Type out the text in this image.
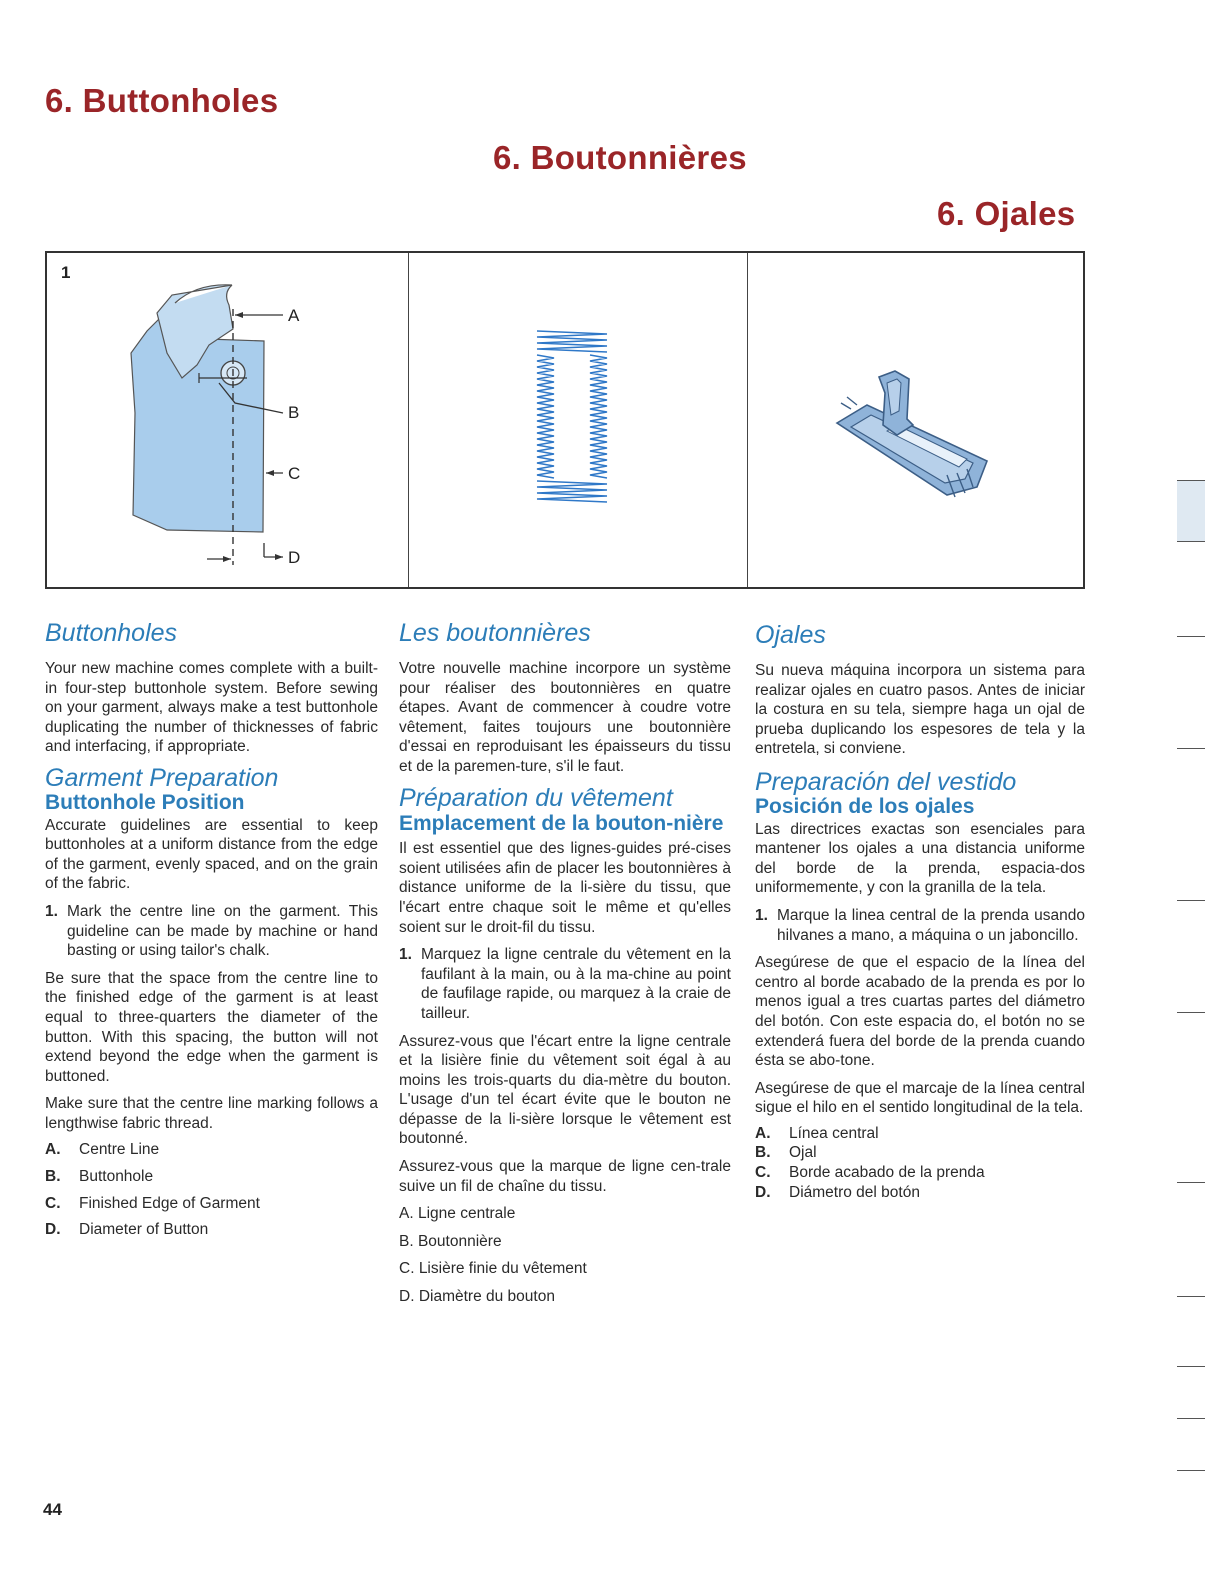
6. Buttonholes
6. Boutonnières
6. Ojales
1
A
B
C
D
Buttonholes

Your new machine comes complete with a built-in four-step buttonhole system. Before sewing on your garment, always make a test buttonhole duplicating the number of thicknesses of fabric and interfacing, if appropriate.

Garment Preparation
Buttonhole Position

Accurate guidelines are essential to keep buttonholes at a uniform distance from the edge of the garment, evenly spaced, and on the grain of the fabric.

1. Mark the centre line on the garment. This guideline can be made by machine or hand basting or using tailor's chalk.

Be sure that the space from the centre line to the finished edge of the garment is at least equal to three-quarters the diameter of the button. With this spacing, the button will not extend beyond the edge when the garment is buttoned.

Make sure that the centre line marking follows a lengthwise fabric thread.

A. Centre Line
B. Buttonhole
C. Finished Edge of Garment
D. Diameter of Button
Les boutonnières

Votre nouvelle machine incorpore un système pour réaliser des boutonnières en quatre étapes. Avant de commencer à coudre votre vêtement, faites toujours une boutonnière d'essai en reproduisant les épaisseurs du tissu et de la paremen-ture, s'il le faut.

Préparation du vêtement
Emplacement de la bouton-nière

Il est essentiel que des lignes-guides pré-cises soient utilisées afin de placer les boutonnières à distance uniforme de la li-sière du tissu, que l'écart entre chaque soit le même et qu'elles soient sur le droit-fil du tissu.

1. Marquez la ligne centrale du vêtement en la faufilant à la main, ou à la ma-chine au point de faufilage rapide, ou marquez à la craie de tailleur.

Assurez-vous que l'écart entre la ligne centrale et la lisière finie du vêtement soit égal à au moins les trois-quarts du dia-mètre du bouton. L'usage d'un tel écart évite que le bouton ne dépasse de la li-sière lorsque le vêtement est boutonné.

Assurez-vous que la marque de ligne cen-trale suive un fil de chaîne du tissu.

A. Ligne centrale
B. Boutonnière
C. Lisière finie du vêtement
D. Diamètre du bouton
Ojales

Su nueva máquina incorpora un sistema para realizar ojales en cuatro pasos. Antes de iniciar la costura en su tela, siempre haga un ojal de prueba duplicando los espesores de tela y la entretela, si conviene.

Preparación del vestido
Posición de los ojales

Las directrices exactas son esenciales para mantener los ojales a una distancia uniforme del borde de la prenda, espacia-dos uniformemente, y con la granilla de la tela.

1. Marque la linea central de la prenda usando hilvanes a mano, a máquina o un jaboncillo.

Asegúrese de que el espacio de la línea del centro al borde acabado de la prenda es por lo menos igual a tres cuartas partes del diámetro del botón. Con este espacia do, el botón no se extenderá fuera del borde de la prenda cuando ésta se abo-tone.

Asegúrese de que el marcaje de la línea central sigue el hilo en el sentido longitudinal de la tela.

A. Línea central
B. Ojal
C. Borde acabado de la prenda
D. Diámetro del botón
44
